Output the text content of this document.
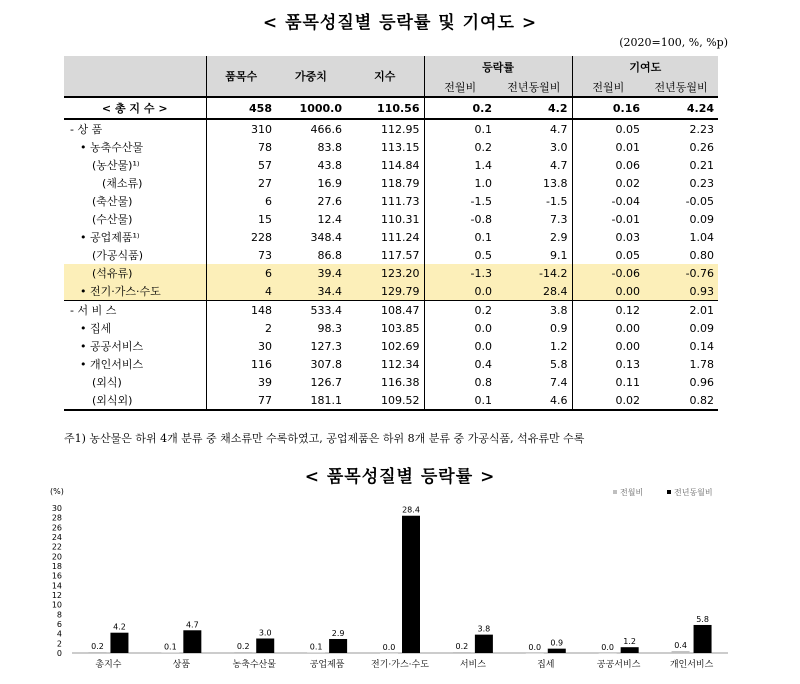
< 품목성질별 등락률 및 기여도 >
(2020=100, %, %p)
	품목수	가중치	지수	등락률		기여도	
				전월비	전년동월비	전월비	전년동월비
< 총 지 수 >	458	1000.0	110.56	0.2	4.2	0.16	4.24
- 상 품	310	466.6	112.95	0.1	4.7	0.05	2.23
• 농축수산물	78	83.8	113.15	0.2	3.0	0.01	0.26
(농산물)¹⁾	57	43.8	114.84	1.4	4.7	0.06	0.21
(채소류)	27	16.9	118.79	1.0	13.8	0.02	0.23
(축산물)	6	27.6	111.73	-1.5	-1.5	-0.04	-0.05
(수산물)	15	12.4	110.31	-0.8	7.3	-0.01	0.09
• 공업제품¹⁾	228	348.4	111.24	0.1	2.9	0.03	1.04
(가공식품)	73	86.8	117.57	0.5	9.1	0.05	0.80
(석유류)	6	39.4	123.20	-1.3	-14.2	-0.06	-0.76
• 전기·가스·수도	4	34.4	129.79	0.0	28.4	0.00	0.93
- 서 비 스	148	533.4	108.47	0.2	3.8	0.12	2.01
• 집세	2	98.3	103.85	0.0	0.9	0.00	0.09
• 공공서비스	30	127.3	102.69	0.0	1.2	0.00	0.14
• 개인서비스	116	307.8	112.34	0.4	5.8	0.13	1.78
(외식)	39	126.7	116.38	0.8	7.4	0.11	0.96
(외식외)	77	181.1	109.52	0.1	4.6	0.02	0.82
주1) 농산물은 하위 4개 분류 중 채소류만 수록하였고, 공업제품은 하위 8개 분류 중 가공식품, 석유류만 수록
< 품목성질별 등락률 >
(%)
0
2
4
6
8
10
12
14
16
18
20
22
24
26
28
30
전월비	전년동월비
0.2
4.2
총지수
0.1
4.7
상품
0.2
3.0
농축수산물
0.1
2.9
공업제품
0.0
28.4
전기·가스·수도
0.2
3.8
서비스
0.0 0.9
집세
0.0
1.2
공공서비스
0.4
5.8
개인서비스
